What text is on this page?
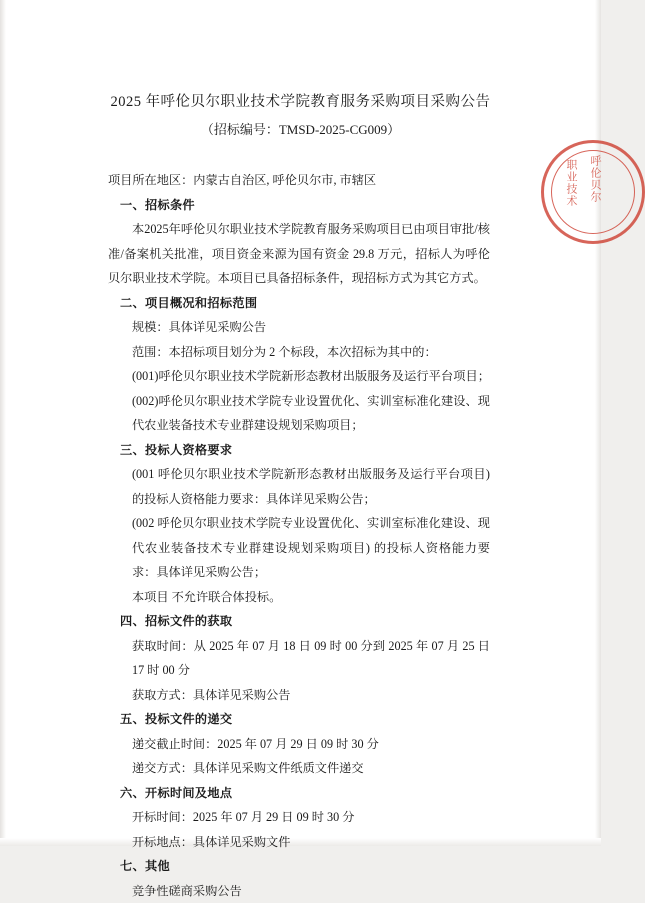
2025 年呼伦贝尔职业技术学院教育服务采购项目采购公告
（招标编号：TMSD-2025-CG009）
职业技术	呼伦贝尔
项目所在地区：内蒙古自治区, 呼伦贝尔市, 市辖区
一、招标条件
本2025年呼伦贝尔职业技术学院教育服务采购项目已由项目审批/核准/备案机关批准，项目资金来源为国有资金 29.8 万元，招标人为呼伦贝尔职业技术学院。本项目已具备招标条件，现招标方式为其它方式。
二、项目概况和招标范围
规模：具体详见采购公告
范围：本招标项目划分为 2 个标段，本次招标为其中的：
(001)呼伦贝尔职业技术学院新形态教材出版服务及运行平台项目； (002)呼伦贝尔职业技术学院专业设置优化、实训室标准化建设、现代农业装备技术专业群建设规划采购项目；
三、投标人资格要求
(001 呼伦贝尔职业技术学院新形态教材出版服务及运行平台项目) 的投标人资格能力要求：具体详见采购公告；
(002 呼伦贝尔职业技术学院专业设置优化、实训室标准化建设、现代农业装备技术专业群建设规划采购项目) 的投标人资格能力要求：具体详见采购公告；
本项目 不允许联合体投标。
四、招标文件的获取
获取时间：从 2025 年 07 月 18 日 09 时 00 分到 2025 年 07 月 25 日 17 时 00 分
获取方式：具体详见采购公告
五、投标文件的递交
递交截止时间：2025 年 07 月 29 日 09 时 30 分
递交方式：具体详见采购文件纸质文件递交
六、开标时间及地点
开标时间：2025 年 07 月 29 日 09 时 30 分
开标地点：具体详见采购文件
七、其他
竞争性磋商采购公告
